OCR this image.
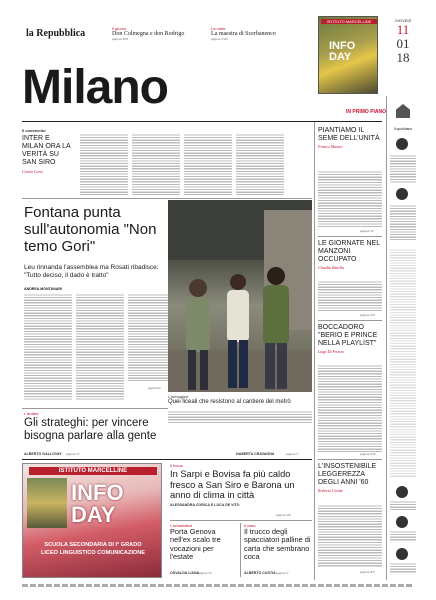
la Repubblica	Il giorno
Don Colmegna e don Rodrigo
pagina XIII
La notte
La maestra di Scerbanenco
pagina XVII
Milano
ISTITUTO MARCELLINE
INFO DAY
GIOVEDÌ
11
01
18
IN PRIMO PIANO
Il commento
INTER E MILAN ORA LA VERITÀ SU SAN SIRO
Curzio Curzi
Fontana punta sull'autonomia "Non temo Gori"
Leu rinnanda l'assemblea ma Rosati ribadisce: "Tutto deciso, il dado è tratto"
ANDREA MONTANARI
pagina II
L'immagine
Quei liceali che resistono al cantiere del metrò
L'analisi
Gli strateghi: per vincere bisogna parlare alla gente
ALBERTO GALLOVAY pagina IV	NABERTA CRAVAGNA	pagina V
ISTITUTO MARCELLINE
INFO DAY
SCUOLA SECONDARIA DI I° GRADO
LICEO LINGUISTICO COMUNICAZIONE
Il focus
In Sarpi e Bovisa fa più caldo fresco a San Siro e Barona un anno di clima in città
ALESSANDRA CORICA E LUCA DE VITO
pagina VII
L'urbanistica
Porta Genova nell'ex scalo tre vocazioni per l'estate
OSVALDA LIANA
pagina VI
Il caso
Il trucco degli spacciatori palline di carta che sembrano coca
ALBERTO CUSTIA pagina V
PIANTIAMO IL SEME DELL'UNITÀ
Franco Mussoi
pagina VI
LE GIORNATE NEL MANZONI OCCUPATO
Claudia Zanella
pagina XII
BOCCADORO "BERIO E PRINCE NELLA PLAYLIST"
Luigi Di Fronzo
pagina XVI
L'INSOSTENIBILE LEGGEREZZA DEGLI ANNI '60
Roberto Cicala
pagina XV
Il quotidiano
